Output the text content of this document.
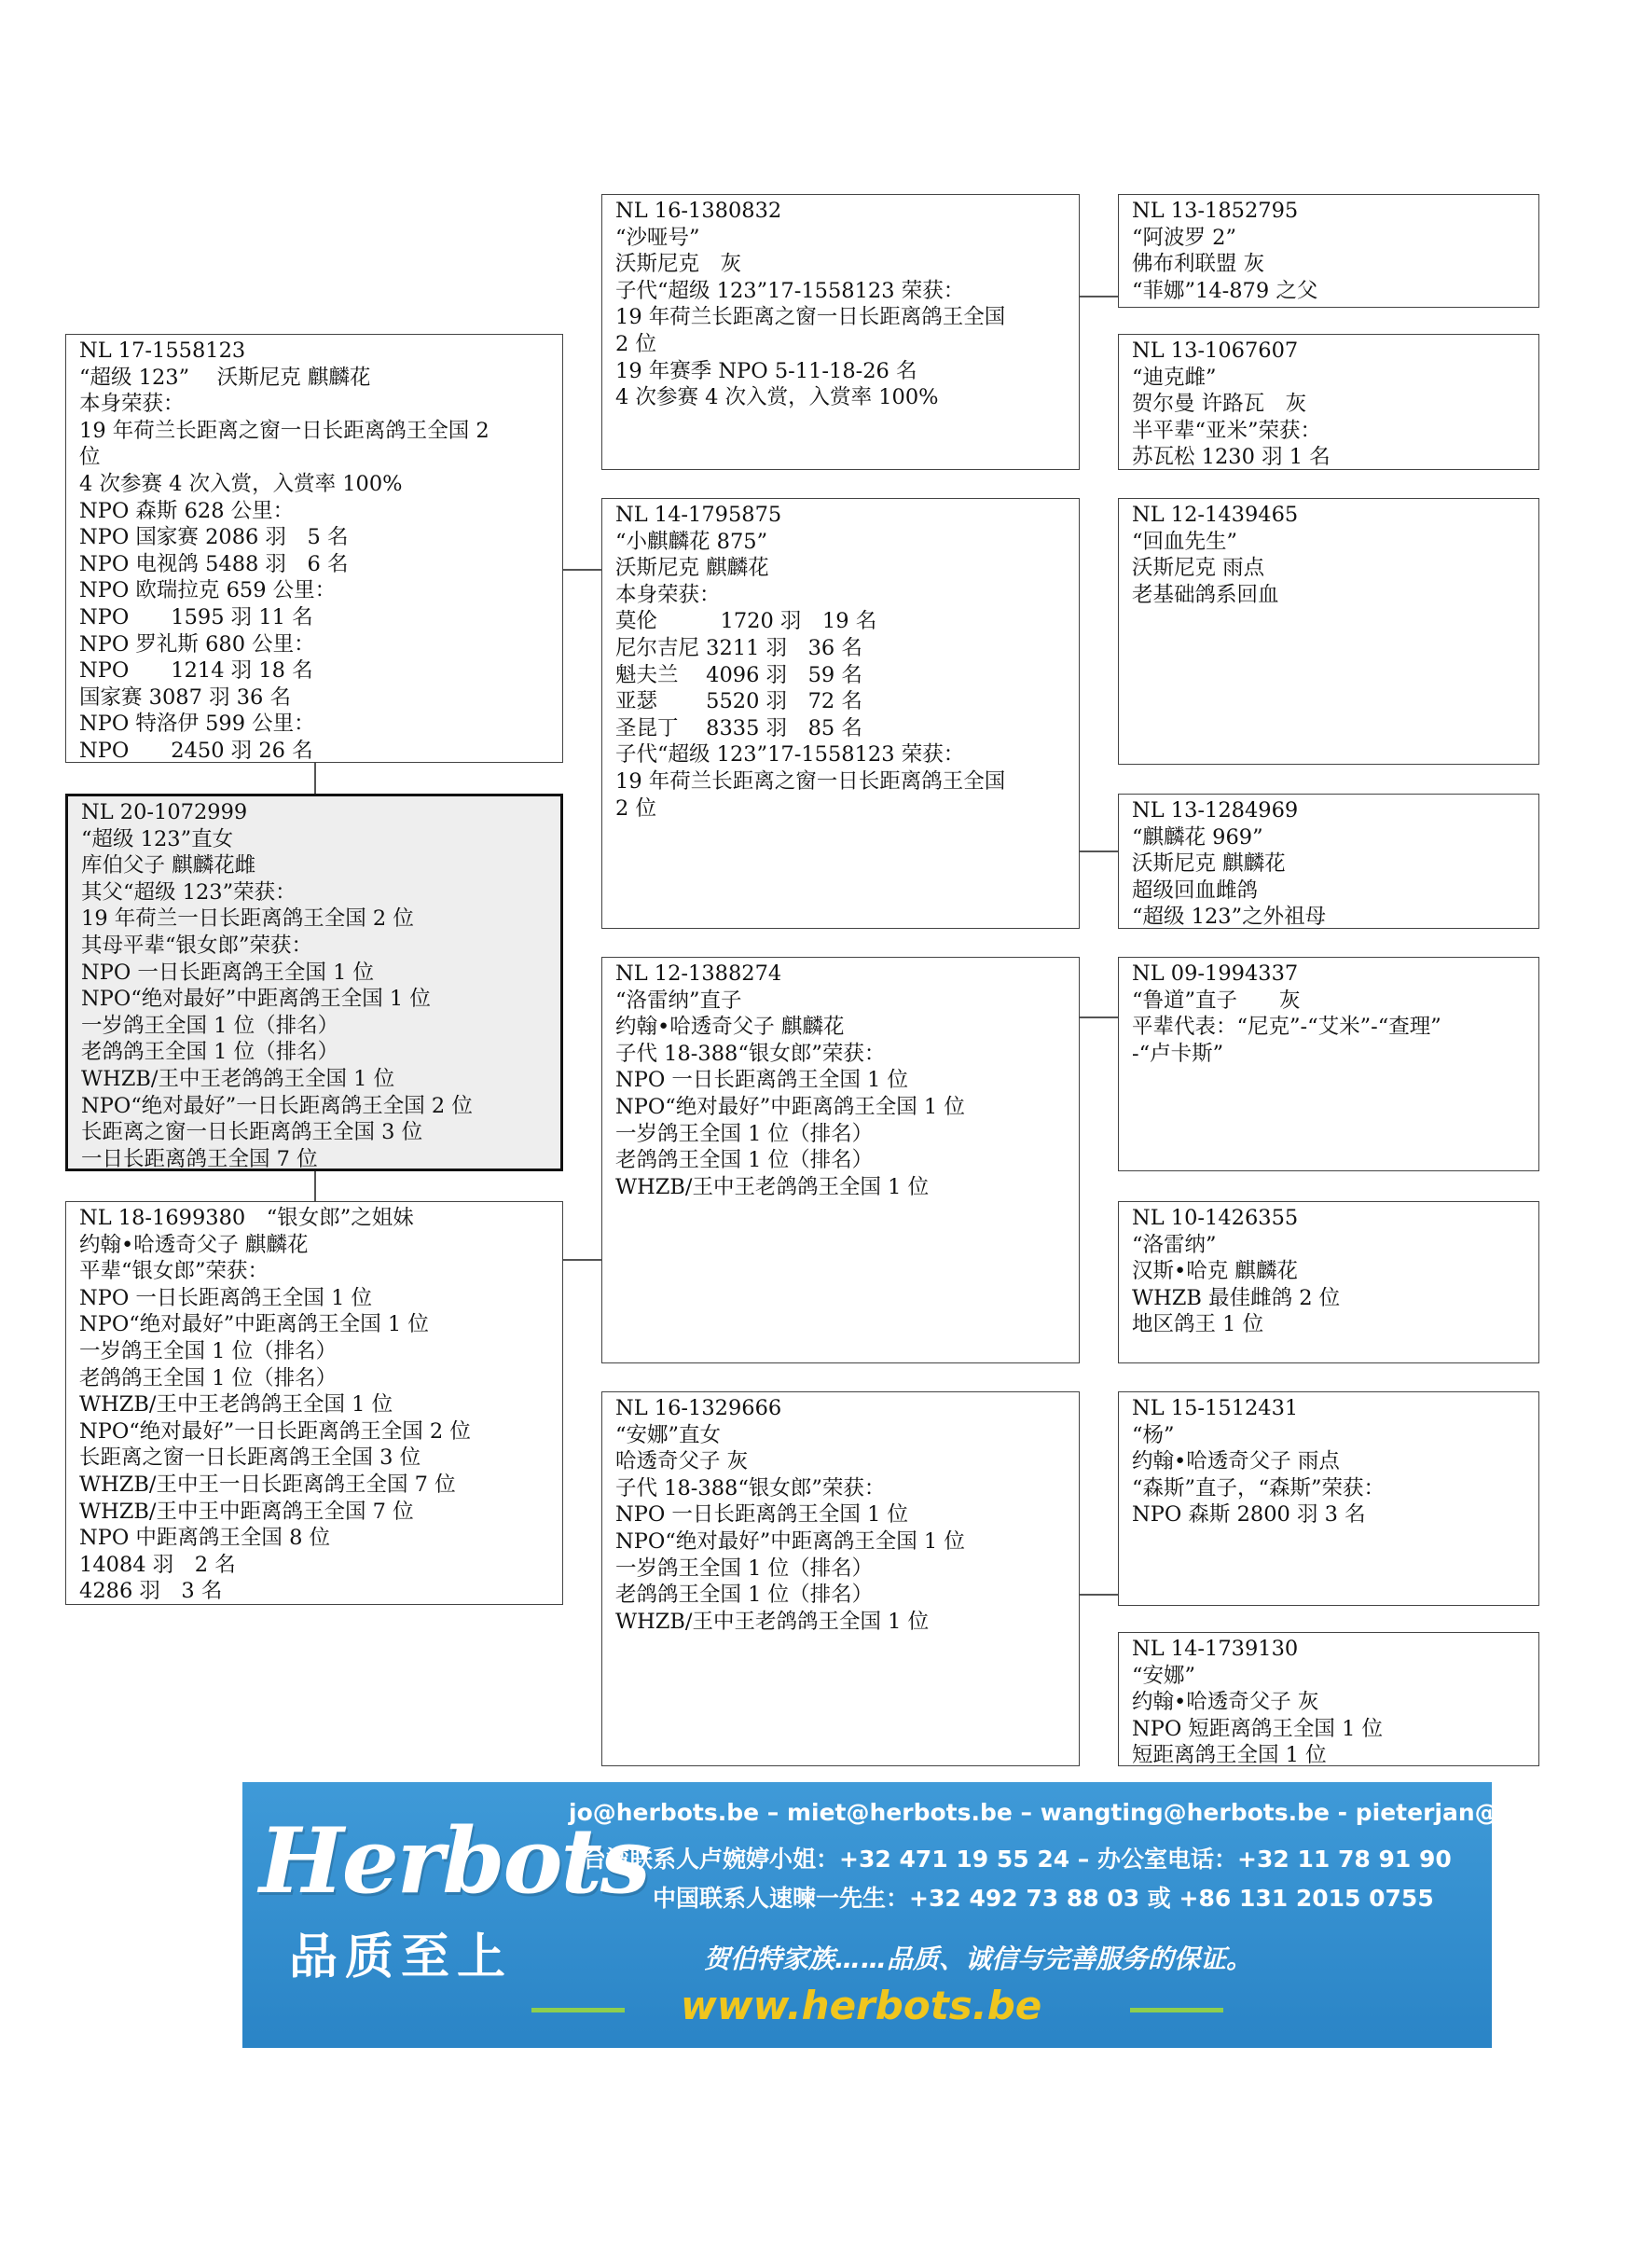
NL 17-1558123
“超级 123”　 沃斯尼克 麒麟花
本身荣获：
19 年荷兰长距离之窗一日长距离鸽王全国 2
位
4 次参赛 4 次入赏，入赏率 100%
NPO 森斯 628 公里：
NPO 国家赛 2086 羽　5 名
NPO 电视鸽 5488 羽　6 名
NPO 欧瑞拉克 659 公里：
NPO　　1595 羽 11 名
NPO 罗礼斯 680 公里：
NPO　　1214 羽 18 名
国家赛 3087 羽 36 名
NPO 特洛伊 599 公里：
NPO　　2450 羽 26 名
NL 20-1072999
“超级 123”直女
库伯父子 麒麟花雌
其父“超级 123”荣获：
19 年荷兰一日长距离鸽王全国 2 位
其母平辈“银女郎”荣获：
NPO 一日长距离鸽王全国 1 位
NPO“绝对最好”中距离鸽王全国 1 位
一岁鸽王全国 1 位（排名）
老鸽鸽王全国 1 位（排名）
WHZB/王中王老鸽鸽王全国 1 位
NPO“绝对最好”一日长距离鸽王全国 2 位
长距离之窗一日长距离鸽王全国 3 位
一日长距离鸽王全国 7 位
NL 18-1699380　“银女郎”之姐妹
约翰•哈透奇父子 麒麟花
平辈“银女郎”荣获：
NPO 一日长距离鸽王全国 1 位
NPO“绝对最好”中距离鸽王全国 1 位
一岁鸽王全国 1 位（排名）
老鸽鸽王全国 1 位（排名）
WHZB/王中王老鸽鸽王全国 1 位
NPO“绝对最好”一日长距离鸽王全国 2 位
长距离之窗一日长距离鸽王全国 3 位
WHZB/王中王一日长距离鸽王全国 7 位
WHZB/王中王中距离鸽王全国 7 位
NPO 中距离鸽王全国 8 位
14084 羽　2 名
4286 羽　3 名
NL 16-1380832
“沙哑号”
沃斯尼克　灰
子代“超级 123”17-1558123 荣获：
19 年荷兰长距离之窗一日长距离鸽王全国
2 位
19 年赛季 NPO 5-11-18-26 名
4 次参赛 4 次入赏，入赏率 100%
NL 14-1795875
“小麒麟花 875”
沃斯尼克 麒麟花
本身荣获：
莫伦　　　1720 羽　19 名
尼尔吉尼 3211 羽　36 名
魁夫兰　 4096 羽　59 名
亚瑟　　 5520 羽　72 名
圣昆丁　 8335 羽　85 名
子代“超级 123”17-1558123 荣获：
19 年荷兰长距离之窗一日长距离鸽王全国
2 位
NL 12-1388274
“洛雷纳”直子
约翰•哈透奇父子 麒麟花
子代 18-388“银女郎”荣获：
NPO 一日长距离鸽王全国 1 位
NPO“绝对最好”中距离鸽王全国 1 位
一岁鸽王全国 1 位（排名）
老鸽鸽王全国 1 位（排名）
WHZB/王中王老鸽鸽王全国 1 位
NL 16-1329666
“安娜”直女
哈透奇父子 灰
子代 18-388“银女郎”荣获：
NPO 一日长距离鸽王全国 1 位
NPO“绝对最好”中距离鸽王全国 1 位
一岁鸽王全国 1 位（排名）
老鸽鸽王全国 1 位（排名）
WHZB/王中王老鸽鸽王全国 1 位
NL 13-1852795
“阿波罗 2”
佛布利联盟 灰
“菲娜”14-879 之父
NL 13-1067607
“迪克雌”
贺尔曼 许路瓦　灰
半平辈“亚米”荣获：
苏瓦松 1230 羽 1 名
NL 12-1439465
“回血先生”
沃斯尼克 雨点
老基础鸽系回血
NL 13-1284969
“麒麟花 969”
沃斯尼克 麒麟花
超级回血雌鸽
“超级 123”之外祖母
NL 09-1994337
“鲁道”直子　　灰
平辈代表：“尼克”-“艾米”-“查理”
-“卢卡斯”
NL 10-1426355
“洛雷纳”
汉斯•哈克 麒麟花
WHZB 最佳雌鸽 2 位
地区鸽王 1 位
NL 15-1512431
“杨”
约翰•哈透奇父子 雨点
“森斯”直子，“森斯”荣获：
NPO 森斯 2800 羽 3 名
NL 14-1739130
“安娜”
约翰•哈透奇父子 灰
NPO 短距离鸽王全国 1 位
短距离鸽王全国 1 位
Herbots
品质至上
jo@herbots.be – miet@herbots.be – wangting@herbots.be - pieterjan@herbots.be
台湾联系人卢婉婷小姐：+32 471 19 55 24 – 办公室电话：+32 11 78 91 90
中国联系人速暕一先生：+32 492 73 88 03 或 +86 131 2015 0755
贺伯特家族……品质、诚信与完善服务的保证。
www.herbots.be
